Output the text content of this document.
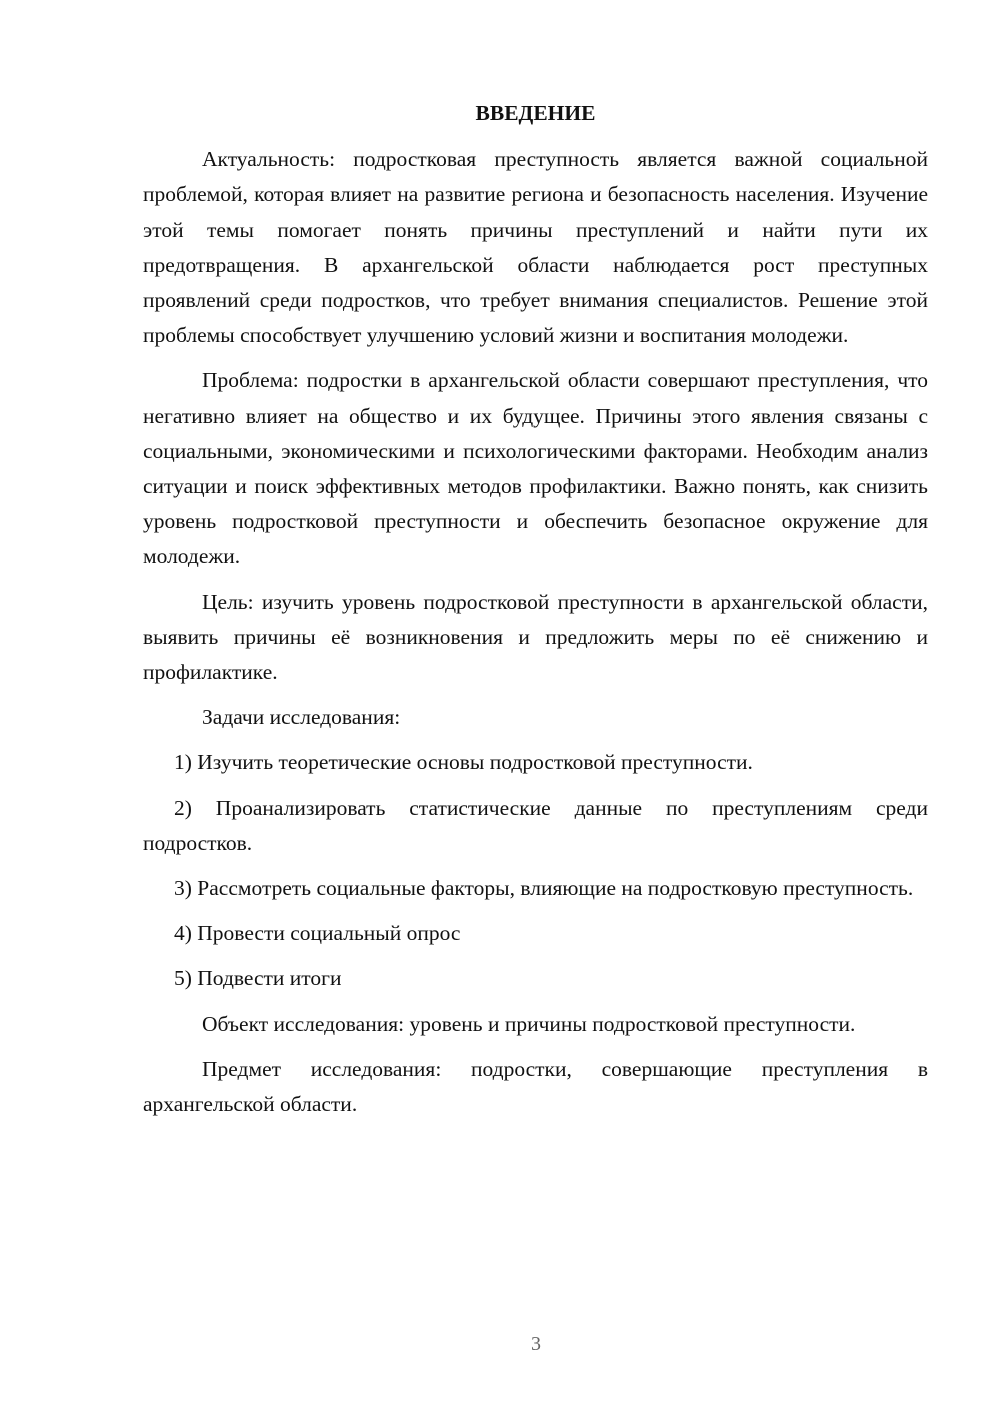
ВВЕДЕНИЕ

Актуальность: подростковая преступность является важной социальной проблемой, которая влияет на развитие региона и безопасность населения. Изучение этой темы помогает понять причины преступлений и найти пути их предотвращения. В архангельской области наблюдается рост преступных проявлений среди подростков, что требует внимания специалистов. Решение этой проблемы способствует улучшению условий жизни и воспитания молодежи.

Проблема: подростки в архангельской области совершают преступления, что негативно влияет на общество и их будущее. Причины этого явления связаны с социальными, экономическими и психологическими факторами. Необходим анализ ситуации и поиск эффективных методов профилактики. Важно понять, как снизить уровень подростковой преступности и обеспечить безопасное окружение для молодежи.

Цель: изучить уровень подростковой преступности в архангельской области, выявить причины её возникновения и предложить меры по её снижению и профилактике.

Задачи исследования:

1) Изучить теоретические основы подростковой преступности.

2) Проанализировать статистические данные по преступлениям среди подростков.

3) Рассмотреть социальные факторы, влияющие на подростковую преступность.

4) Провести социальный опрос

5) Подвести итоги

Объект исследования: уровень и причины подростковой преступности.

Предмет исследования: подростки, совершающие преступления в архангельской области.

3
